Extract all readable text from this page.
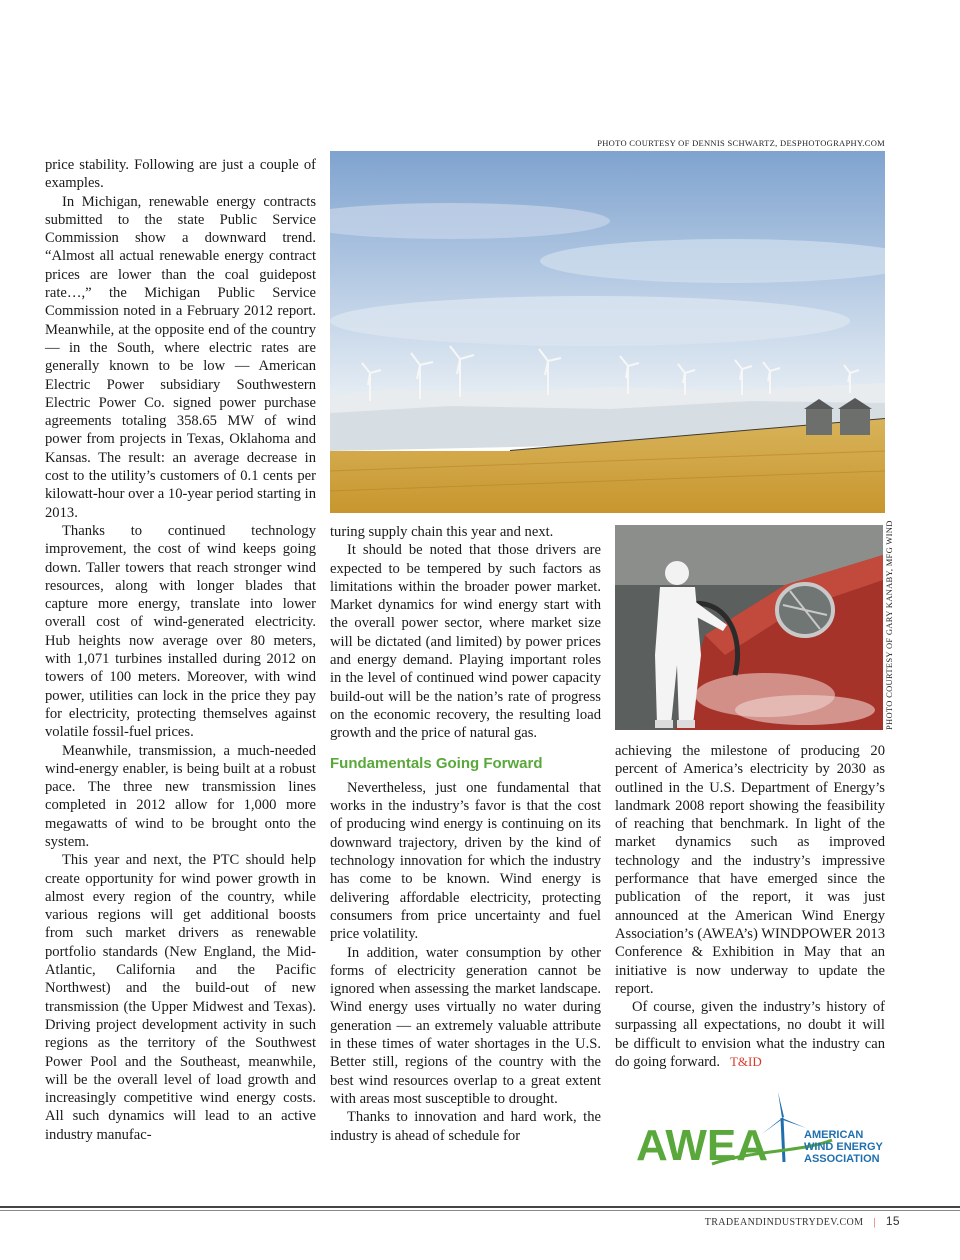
PHOTO COURTESY OF DENNIS SCHWARTZ, DESPHOTOGRAPHY.COM

price stability. Following are just a couple of examples.

In Michigan, renewable energy contracts submitted to the state Public Service Commission show a downward trend. “Almost all actual renewable energy contract prices are lower than the coal guidepost rate…,” the Michigan Public Service Commission noted in a February 2012 report. Meanwhile, at the opposite end of the country — in the South, where electric rates are generally known to be low — American Electric Power subsidiary Southwestern Electric Power Co. signed power purchase agreements totaling 358.65 MW of wind power from projects in Texas, Oklahoma and Kansas. The result: an average decrease in cost to the utility’s customers of 0.1 cents per kilowatt-hour over a 10-year period starting in 2013.

Thanks to continued technology improvement, the cost of wind keeps going down. Taller towers that reach stronger wind resources, along with longer blades that capture more energy, translate into lower overall cost of wind-generated electricity. Hub heights now average over 80 meters, with 1,071 turbines installed during 2012 on towers of 100 meters. Moreover, with wind power, utilities can lock in the price they pay for electricity, protecting themselves against volatile fossil-fuel prices.

Meanwhile, transmission, a much-needed wind-energy enabler, is being built at a robust pace. The three new transmission lines completed in 2012 allow for 1,000 more megawatts of wind to be brought onto the system.

This year and next, the PTC should help create opportunity for wind power growth in almost every region of the country, while various regions will get additional boosts from such market drivers as renewable portfolio standards (New England, the Mid-Atlantic, California and the Pacific Northwest) and the build-out of new transmission (the Upper Midwest and Texas). Driving project development activity in such regions as the territory of the Southwest Power Pool and the Southeast, meanwhile, will be the overall level of load growth and increasingly competitive wind energy costs. All such dynamics will lead to an active industry manufac-

turing supply chain this year and next.

It should be noted that those drivers are expected to be tempered by such factors as limitations within the broader power market. Market dynamics for wind energy start with the overall power sector, where market size will be dictated (and limited) by power prices and energy demand. Playing important roles in the level of continued wind power capacity build-out will be the nation’s rate of progress on the economic recovery, the resulting load growth and the price of natural gas.

Fundamentals Going Forward

Nevertheless, just one fundamental that works in the industry’s favor is that the cost of producing wind energy is continuing on its downward trajectory, driven by the kind of technology innovation for which the industry has come to be known. Wind energy is delivering affordable electricity, protecting consumers from price uncertainty and fuel price volatility.

In addition, water consumption by other forms of electricity generation cannot be ignored when assessing the market landscape. Wind energy uses virtually no water during generation — an extremely valuable attribute in these times of water shortages in the U.S. Better still, regions of the country with the best wind resources overlap to a great extent with areas most susceptible to drought.

Thanks to innovation and hard work, the industry is ahead of schedule for

PHOTO COURTESY OF GARY KANABY, MFG WIND

achieving the milestone of producing 20 percent of America’s electricity by 2030 as outlined in the U.S. Department of Energy’s landmark 2008 report showing the feasibility of reaching that benchmark. In light of the market dynamics such as improved technology and the industry’s impressive performance that have emerged since the publication of the report, it was just announced at the American Wind Energy Association’s (AWEA’s) WINDPOWER 2013 Conference & Exhibition in May that an initiative is now underway to update the report.

Of course, given the industry’s history of surpassing all expectations, no doubt it will be difficult to envision what the industry can do going forward. T&ID

AWEA	AMERICAN
WIND ENERGY
ASSOCIATION
TRADEANDINDUSTRYDEV.COM | 15
